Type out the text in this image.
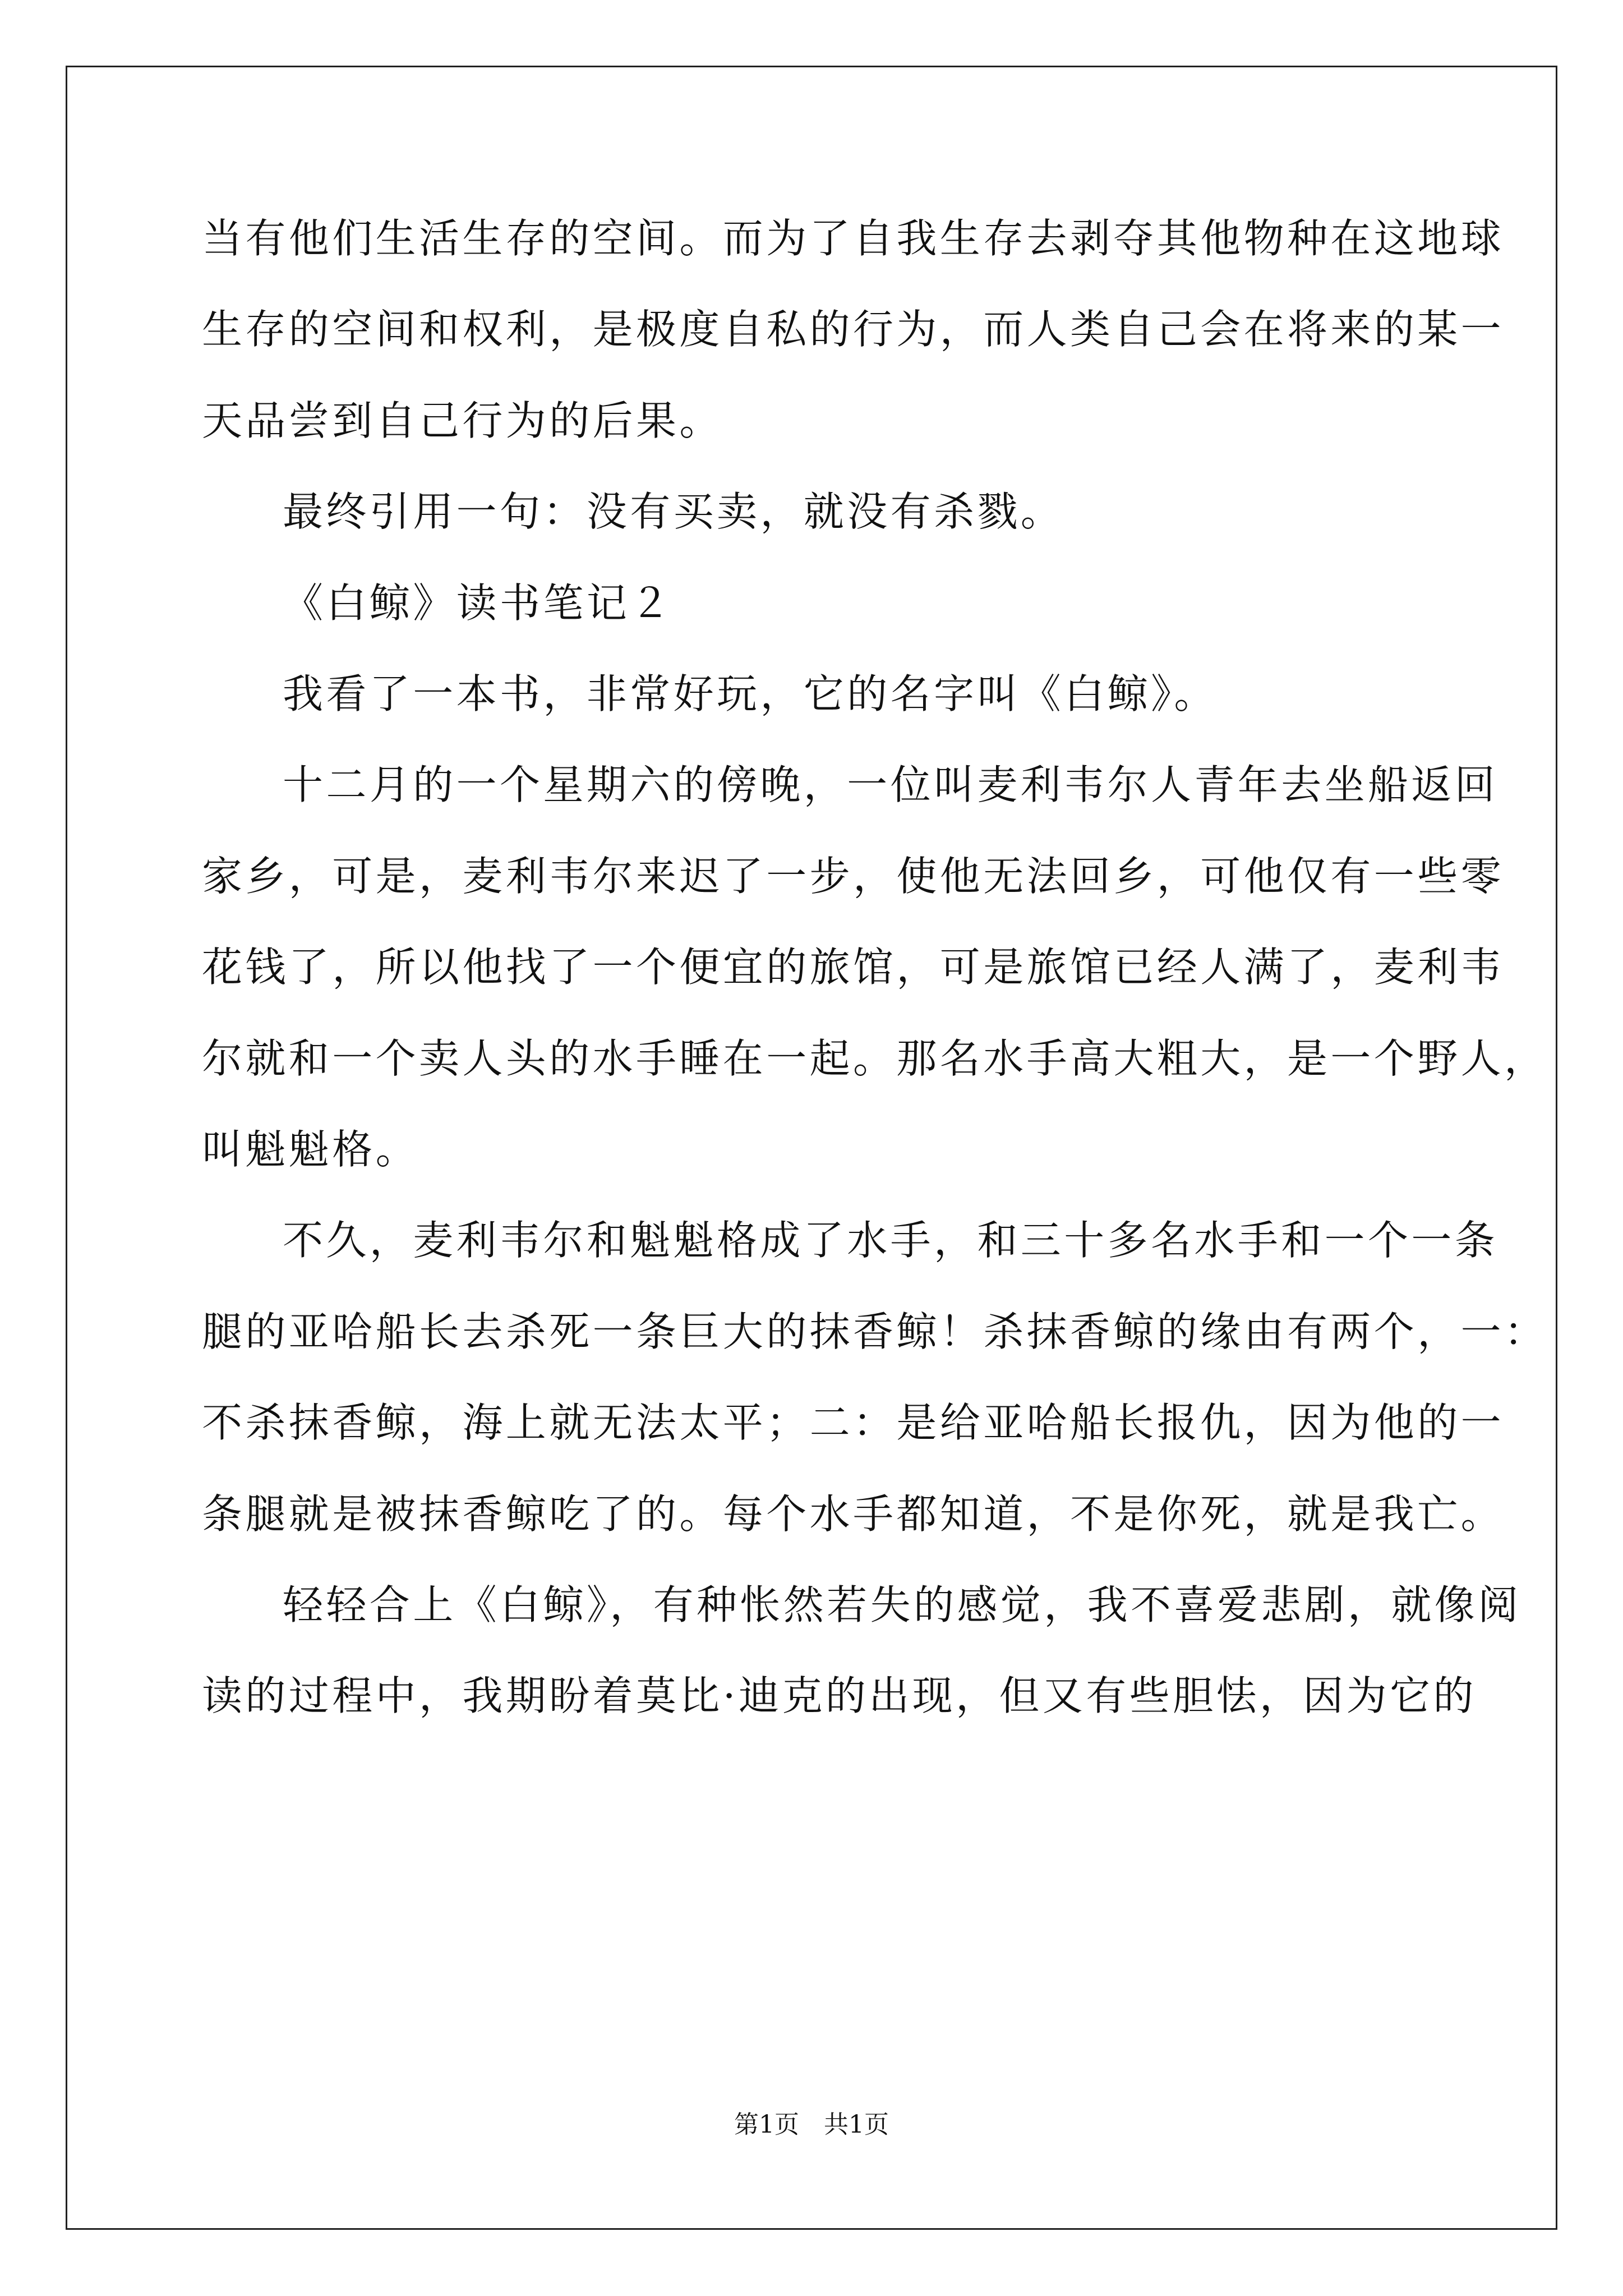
当有他们生活生存的空间。而为了自我生存去剥夺其他物种在这地球
生存的空间和权利，是极度自私的行为，而人类自己会在将来的某一
天品尝到自己行为的后果。
最终引用一句：没有买卖，就没有杀戮。
《白鲸》读书笔记２
我看了一本书，非常好玩，它的名字叫《白鲸》。
十二月的一个星期六的傍晚，一位叫麦利韦尔人青年去坐船返回
家乡，可是，麦利韦尔来迟了一步，使他无法回乡，可他仅有一些零
花钱了，所以他找了一个便宜的旅馆，可是旅馆已经人满了，麦利韦
尔就和一个卖人头的水手睡在一起。那名水手高大粗大，是一个野人，
叫魁魁格。
不久，麦利韦尔和魁魁格成了水手，和三十多名水手和一个一条
腿的亚哈船长去杀死一条巨大的抹香鲸！杀抹香鲸的缘由有两个，一：
不杀抹香鲸，海上就无法太平；二：是给亚哈船长报仇，因为他的一
条腿就是被抹香鲸吃了的。每个水手都知道，不是你死，就是我亡。
轻轻合上《白鲸》，有种怅然若失的感觉，我不喜爱悲剧，就像阅
读的过程中，我期盼着莫比·迪克的出现，但又有些胆怯，因为它的
第1页　共1页
